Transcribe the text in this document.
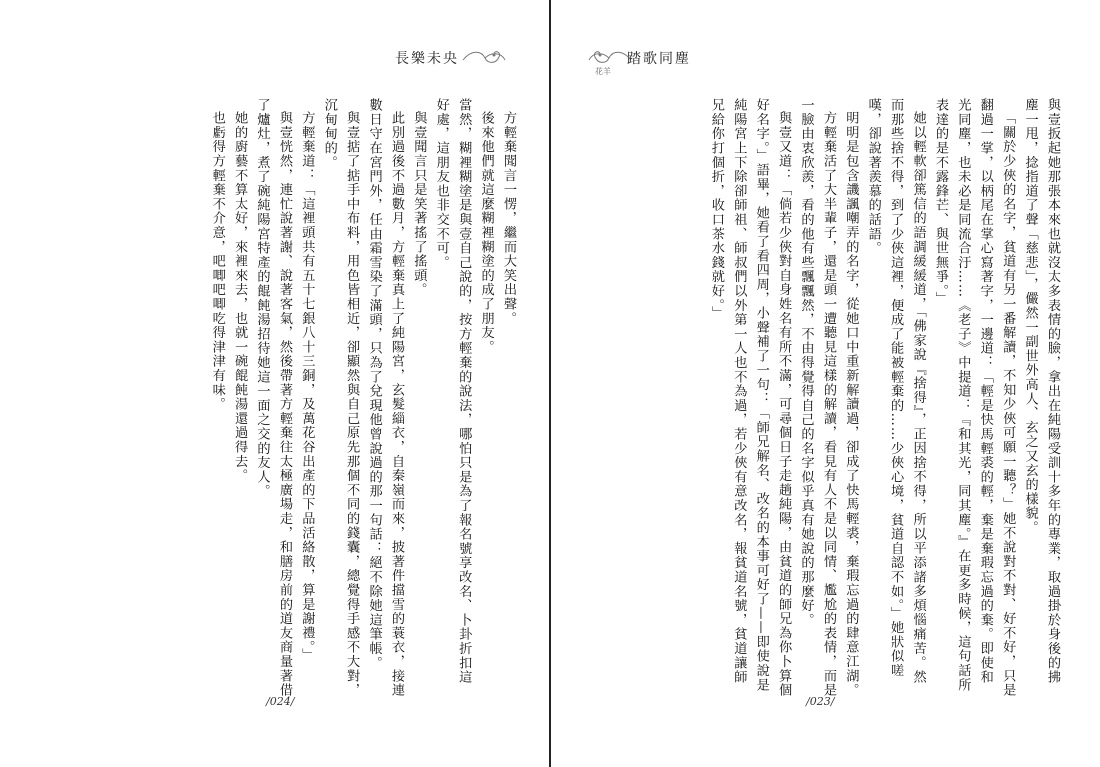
長樂未央

方輕棄聞言一愣，繼而大笑出聲。

後來他們就這麼糊裡糊塗的成了朋友。

當然，糊裡糊塗是與壹自己說的，按方輕棄的說法，哪怕只是為了報名號享改名、卜卦折扣這好處，這朋友也非交不可。

與壹聞言只是笑著搖了搖頭。

此別過後不過數月，方輕棄真上了純陽宮，玄髮緇衣，自秦嶺而來，披著件擋雪的蓑衣，接連數日守在宮門外，任由霜雪染了滿頭，只為了兌現他曾說過的那一句話：絕不除她這筆帳。

與壹掂了掂手中布料，用色皆相近，卻顯然與自己原先那個不同的錢囊，總覺得手感不大對，沉甸甸的。

方輕棄道：「這裡頭共有五十七銀八十三銅，及萬花谷出產的下品活絡散，算是謝禮。」

與壹恍然，連忙說著謝、說著客氣，然後帶著方輕棄往太極廣場走，和膳房前的道友商量著借了爐灶，煮了碗純陽宮特產的餛飩湯招待她這一面之交的友人。

她的廚藝不算太好，來裡來去，也就一碗餛飩湯還過得去。

也虧得方輕棄不介意，吧唧吧唧吃得津津有味。

/024/
踏歌同塵
花羊

與壹扳起她那張本來也就沒太多表情的臉，拿出在純陽受訓十多年的專業，取過掛於身後的拂塵一甩，捻指道了聲「慈悲」，儼然一副世外高人、玄之又玄的樣貌。

「關於少俠的名字，貧道有另一番解讀，不知少俠可願一聽？」她不說對不對、好不好，只是翻過一掌，以柄尾在掌心寫著字，一邊道：「輕是快馬輕裘的輕，棄是棄瑕忘過的棄。即使和光同塵，也未必是同流合汙……《老子》中提道：『和其光，同其塵。』在更多時候，這句話所表達的是不露鋒芒、與世無爭。」

她以輕軟卻篤信的語調緩緩道，「佛家說『捨得』，正因捨不得，所以平添諸多煩惱痛苦。然而那些捨不得，到了少俠這裡，便成了能被輕棄的……少俠心境，貧道自認不如。」她狀似嗟嘆，卻說著羨慕的話語。

明明是包含譏諷嘲弄的名字，從她口中重新解讀過，卻成了快馬輕裘，棄瑕忘過的肆意江湖。

方輕棄活了大半輩子，還是頭一遭聽見這樣的解讀，看見有人不是以同情、尷尬的表情，而是一臉由衷欣羨，看的他有些飄飄然，不由得覺得自己的名字似乎真有她說的那麼好。

與壹又道：「倘若少俠對自身姓名有所不滿，可尋個日子走趟純陽，由貧道的師兄為你卜算個好名字。」語畢，她看了看四周，小聲補了一句：「師兄解名、改名的本事可好了——即使說是純陽宮上下除卻師祖、師叔們以外第一人也不為過，若少俠有意改名，報貧道名號，貧道讓師兄給你打個折，收口茶水錢就好。」

/023/
